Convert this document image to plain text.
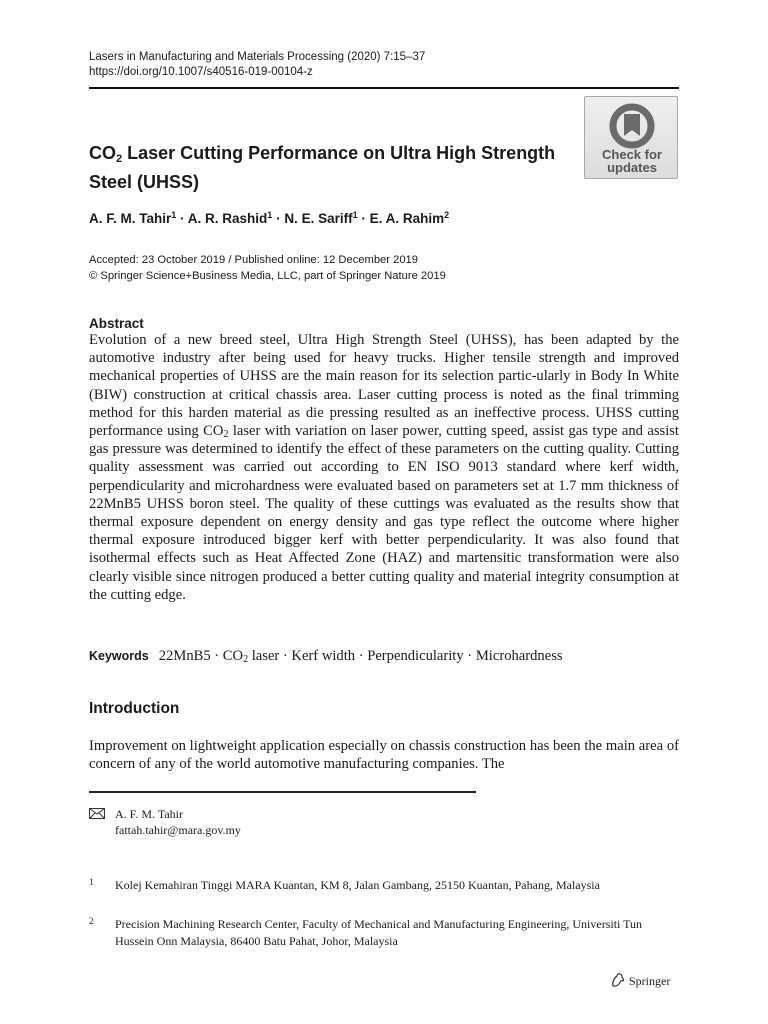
Lasers in Manufacturing and Materials Processing (2020) 7:15–37
https://doi.org/10.1007/s40516-019-00104-z
Check for
updates
$CO_2$ Laser Cutting Performance on Ultra High Strength Steel (UHSS)
A. F. M. Tahir$^1$ · A. R. Rashid$^1$ · N. E. Sariff$^1$ · E. A. Rahim$^2$
Accepted: 23 October 2019 / Published online: 12 December 2019
© Springer Science+Business Media, LLC, part of Springer Nature 2019
Abstract
Evolution of a new breed steel, Ultra High Strength Steel (UHSS), has been adapted by the automotive industry after being used for heavy trucks. Higher tensile strength and improved mechanical properties of UHSS are the main reason for its selection partic-ularly in Body In White (BIW) construction at critical chassis area. Laser cutting process is noted as the final trimming method for this harden material as die pressing resulted as an ineffective process. UHSS cutting performance using $CO_2$ laser with variation on laser power, cutting speed, assist gas type and assist gas pressure was determined to identify the effect of these parameters on the cutting quality. Cutting quality assessment was carried out according to EN ISO 9013 standard where kerf width, perpendicularity and microhardness were evaluated based on parameters set at 1.7 mm thickness of 22MnB5 UHSS boron steel. The quality of these cuttings was evaluated as the results show that thermal exposure dependent on energy density and gas type reflect the outcome where higher thermal exposure introduced bigger kerf with better perpendicularity. It was also found that isothermal effects such as Heat Affected Zone (HAZ) and martensitic transformation were also clearly visible since nitrogen produced a better cutting quality and material integrity consumption at the cutting edge.
Keywords $22MnB5 \cdot CO_2$ laser · Kerf width · Perpendicularity · Microhardness
Introduction
Improvement on lightweight application especially on chassis construction has been the main area of concern of any of the world automotive manufacturing companies. The
A. F. M. Tahir
fattah.tahir@mara.gov.my
1 Kolej Kemahiran Tinggi MARA Kuantan, KM 8, Jalan Gambang, 25150 Kuantan, Pahang, Malaysia
2 Precision Machining Research Center, Faculty of Mechanical and Manufacturing Engineering, Universiti Tun Hussein Onn Malaysia, 86400 Batu Pahat, Johor, Malaysia
Springer
